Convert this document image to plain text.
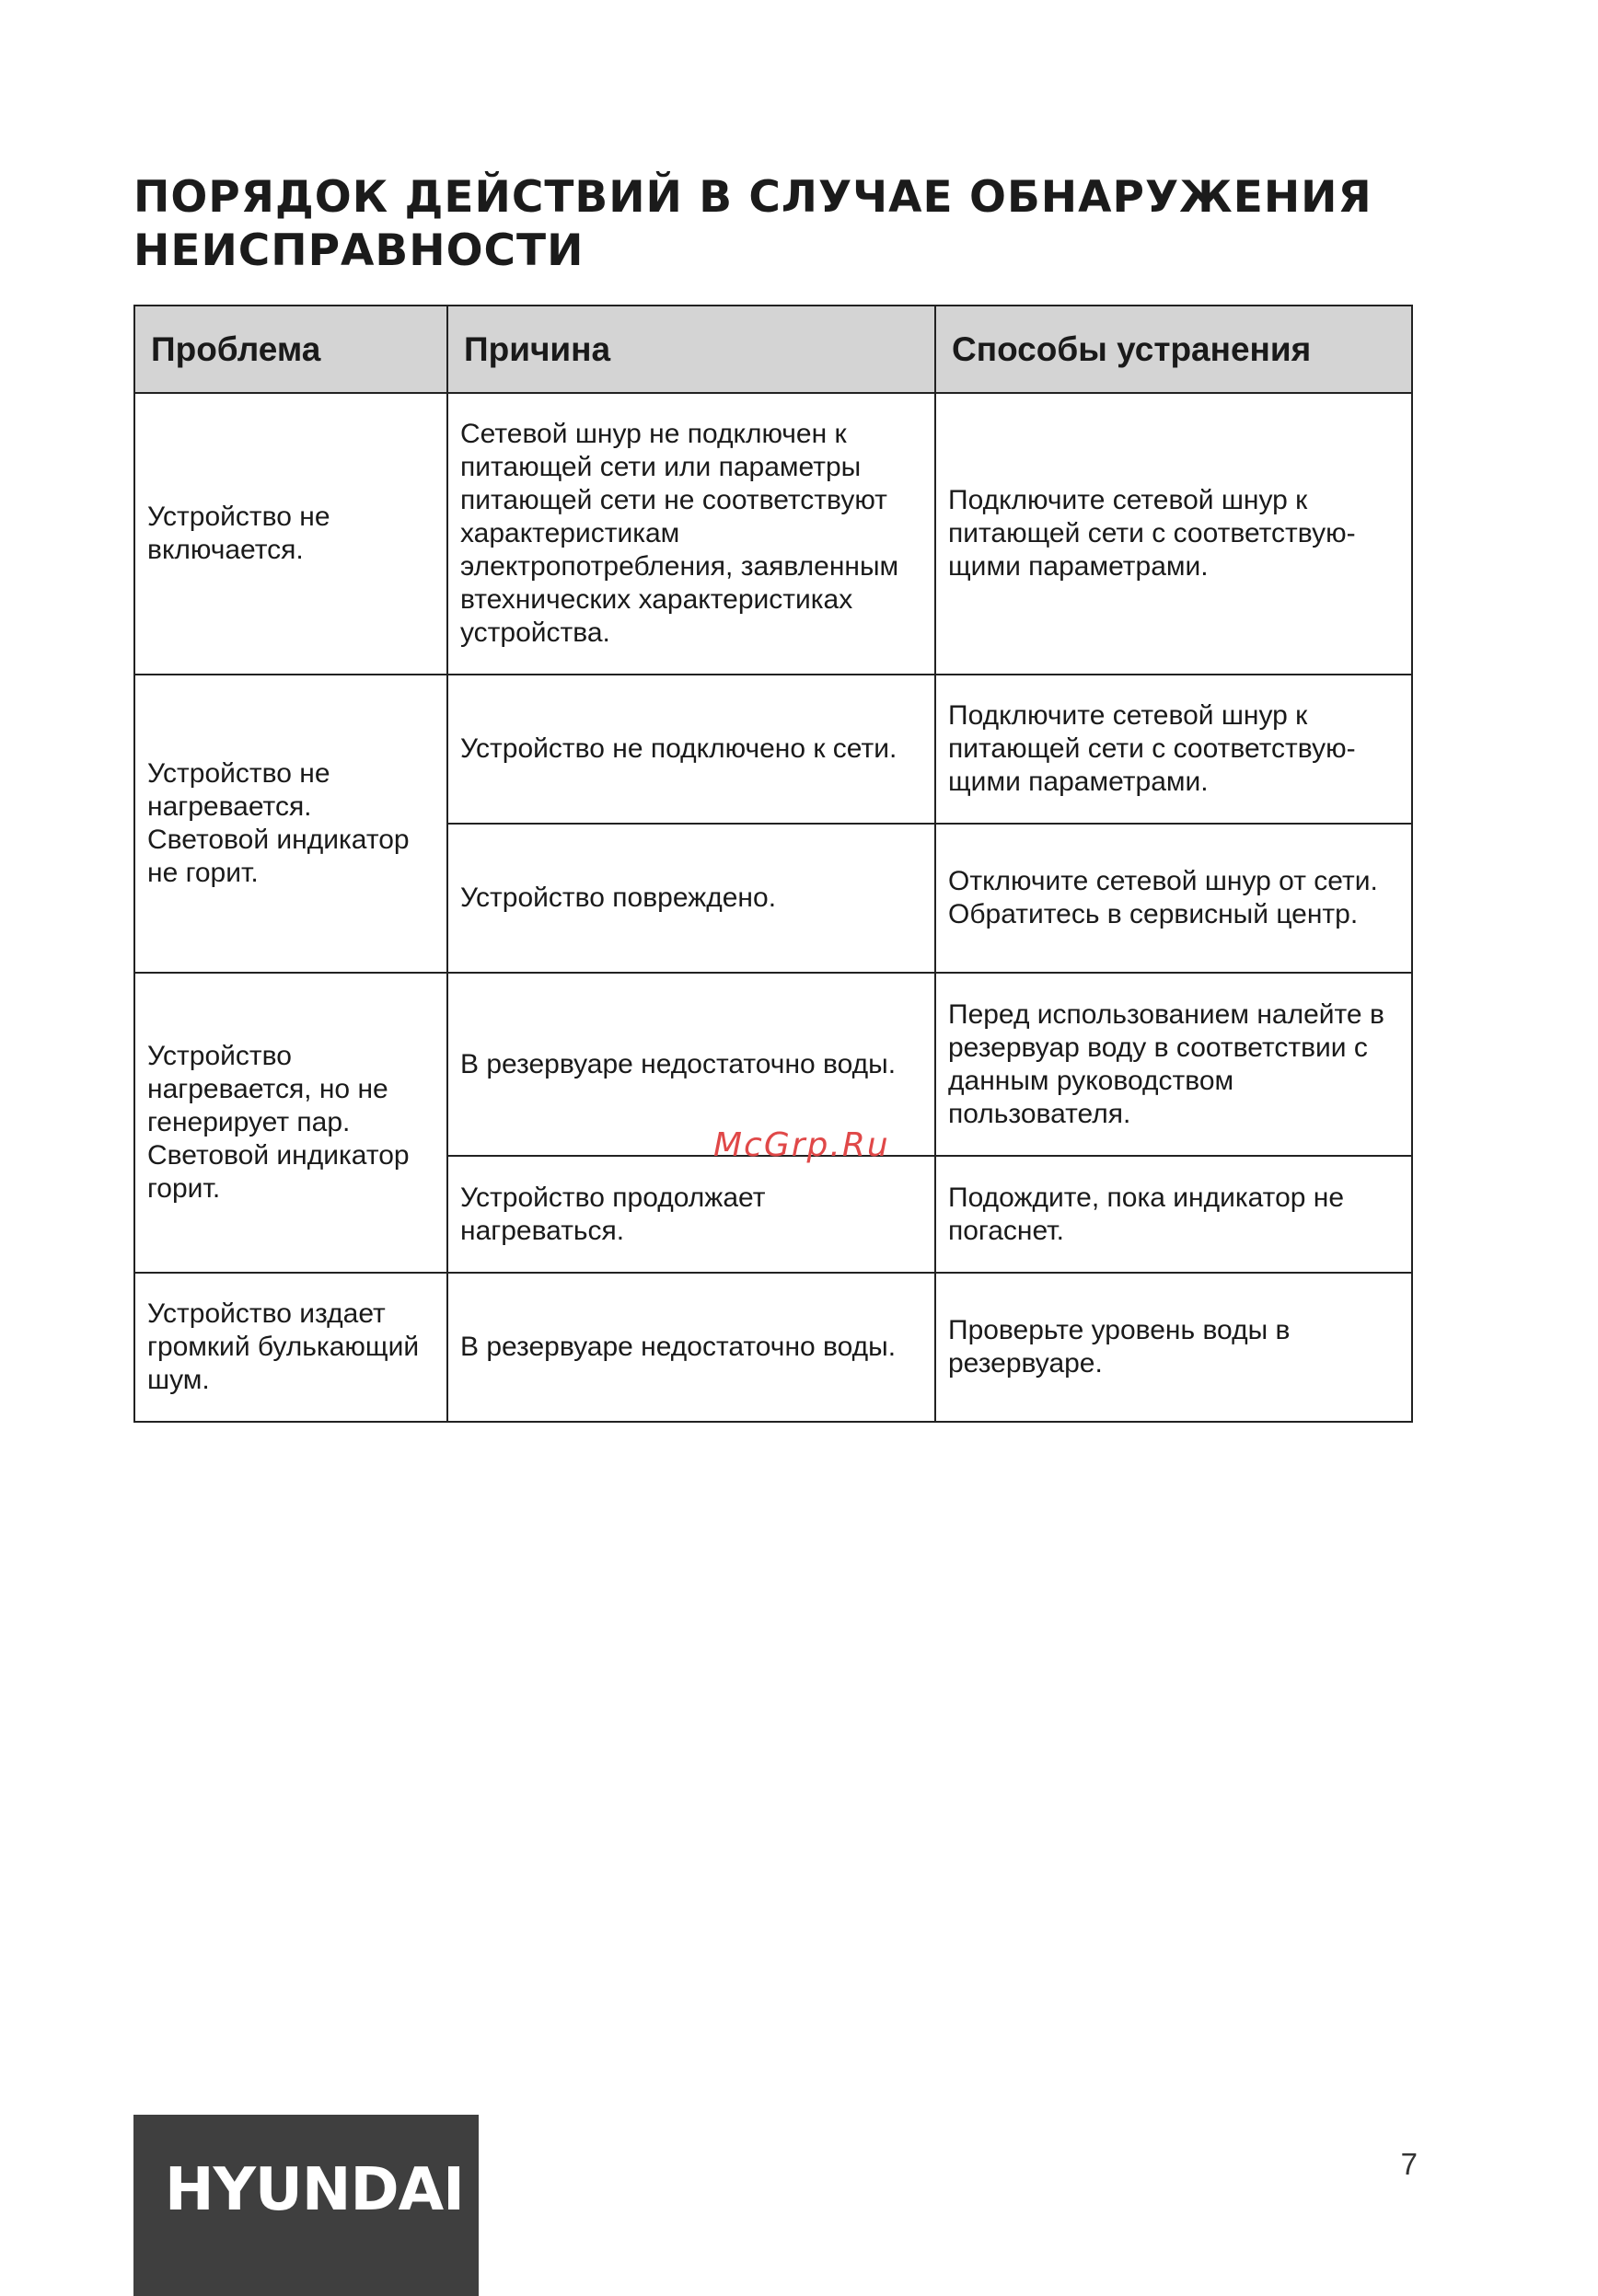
ПОРЯДОК ДЕЙСТВИЙ В СЛУЧАЕ ОБНАРУЖЕНИЯ
НЕИСПРАВНОСТИ
Проблема	Причина	Способы устранения
Устройство не включается.	Сетевой шнур не подключен к питающей сети или параметры питающей сети не соответствуют характеристикам электропотребления, заявленным втехнических характеристиках устройства.	Подключите сетевой шнур к питающей сети с соответствую-щими параметрами.
Устройство не нагревается. Световой индикатор не горит.	Устройство не подключено к сети.	Подключите сетевой шнур к питающей сети с соответствую-щими параметрами.
	Устройство повреждено.	Отключите сетевой шнур от сети. Обратитесь в сервисный центр.
Устройство нагревается, но не генерирует пар. Световой индикатор горит.	В резервуаре недостаточно воды.	Перед использованием налейте в резервуар воду в соответствии с данным руководством пользователя.
	Устройство продолжает нагреваться.	Подождите, пока индикатор не погаснет.
Устройство издает громкий булькающий шум.	В резервуаре недостаточно воды.	Проверьте уровень воды в резервуаре.
McGrp.Ru
HYUNDAI	7
